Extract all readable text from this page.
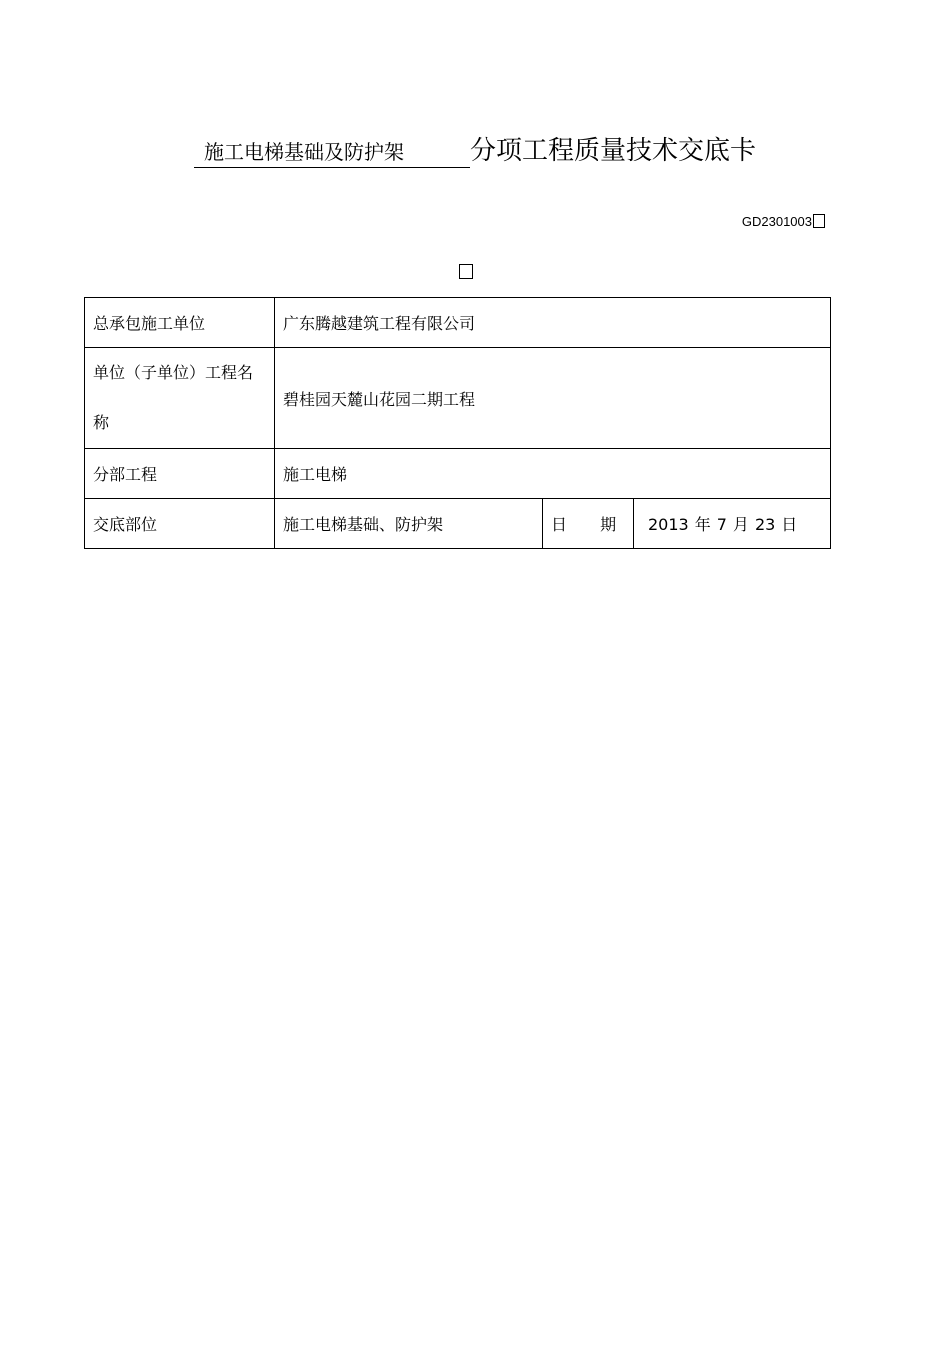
施工电梯基础及防护架	分项工程质量技术交底卡
GD2301003
总承包施工单位	广东腾越建筑工程有限公司		
单位（子单位）工程名称	碧桂园天麓山花园二期工程		
分部工程	施工电梯		
交底部位	施工电梯基础、防护架	日 期	2013 年 7 月 23 日
